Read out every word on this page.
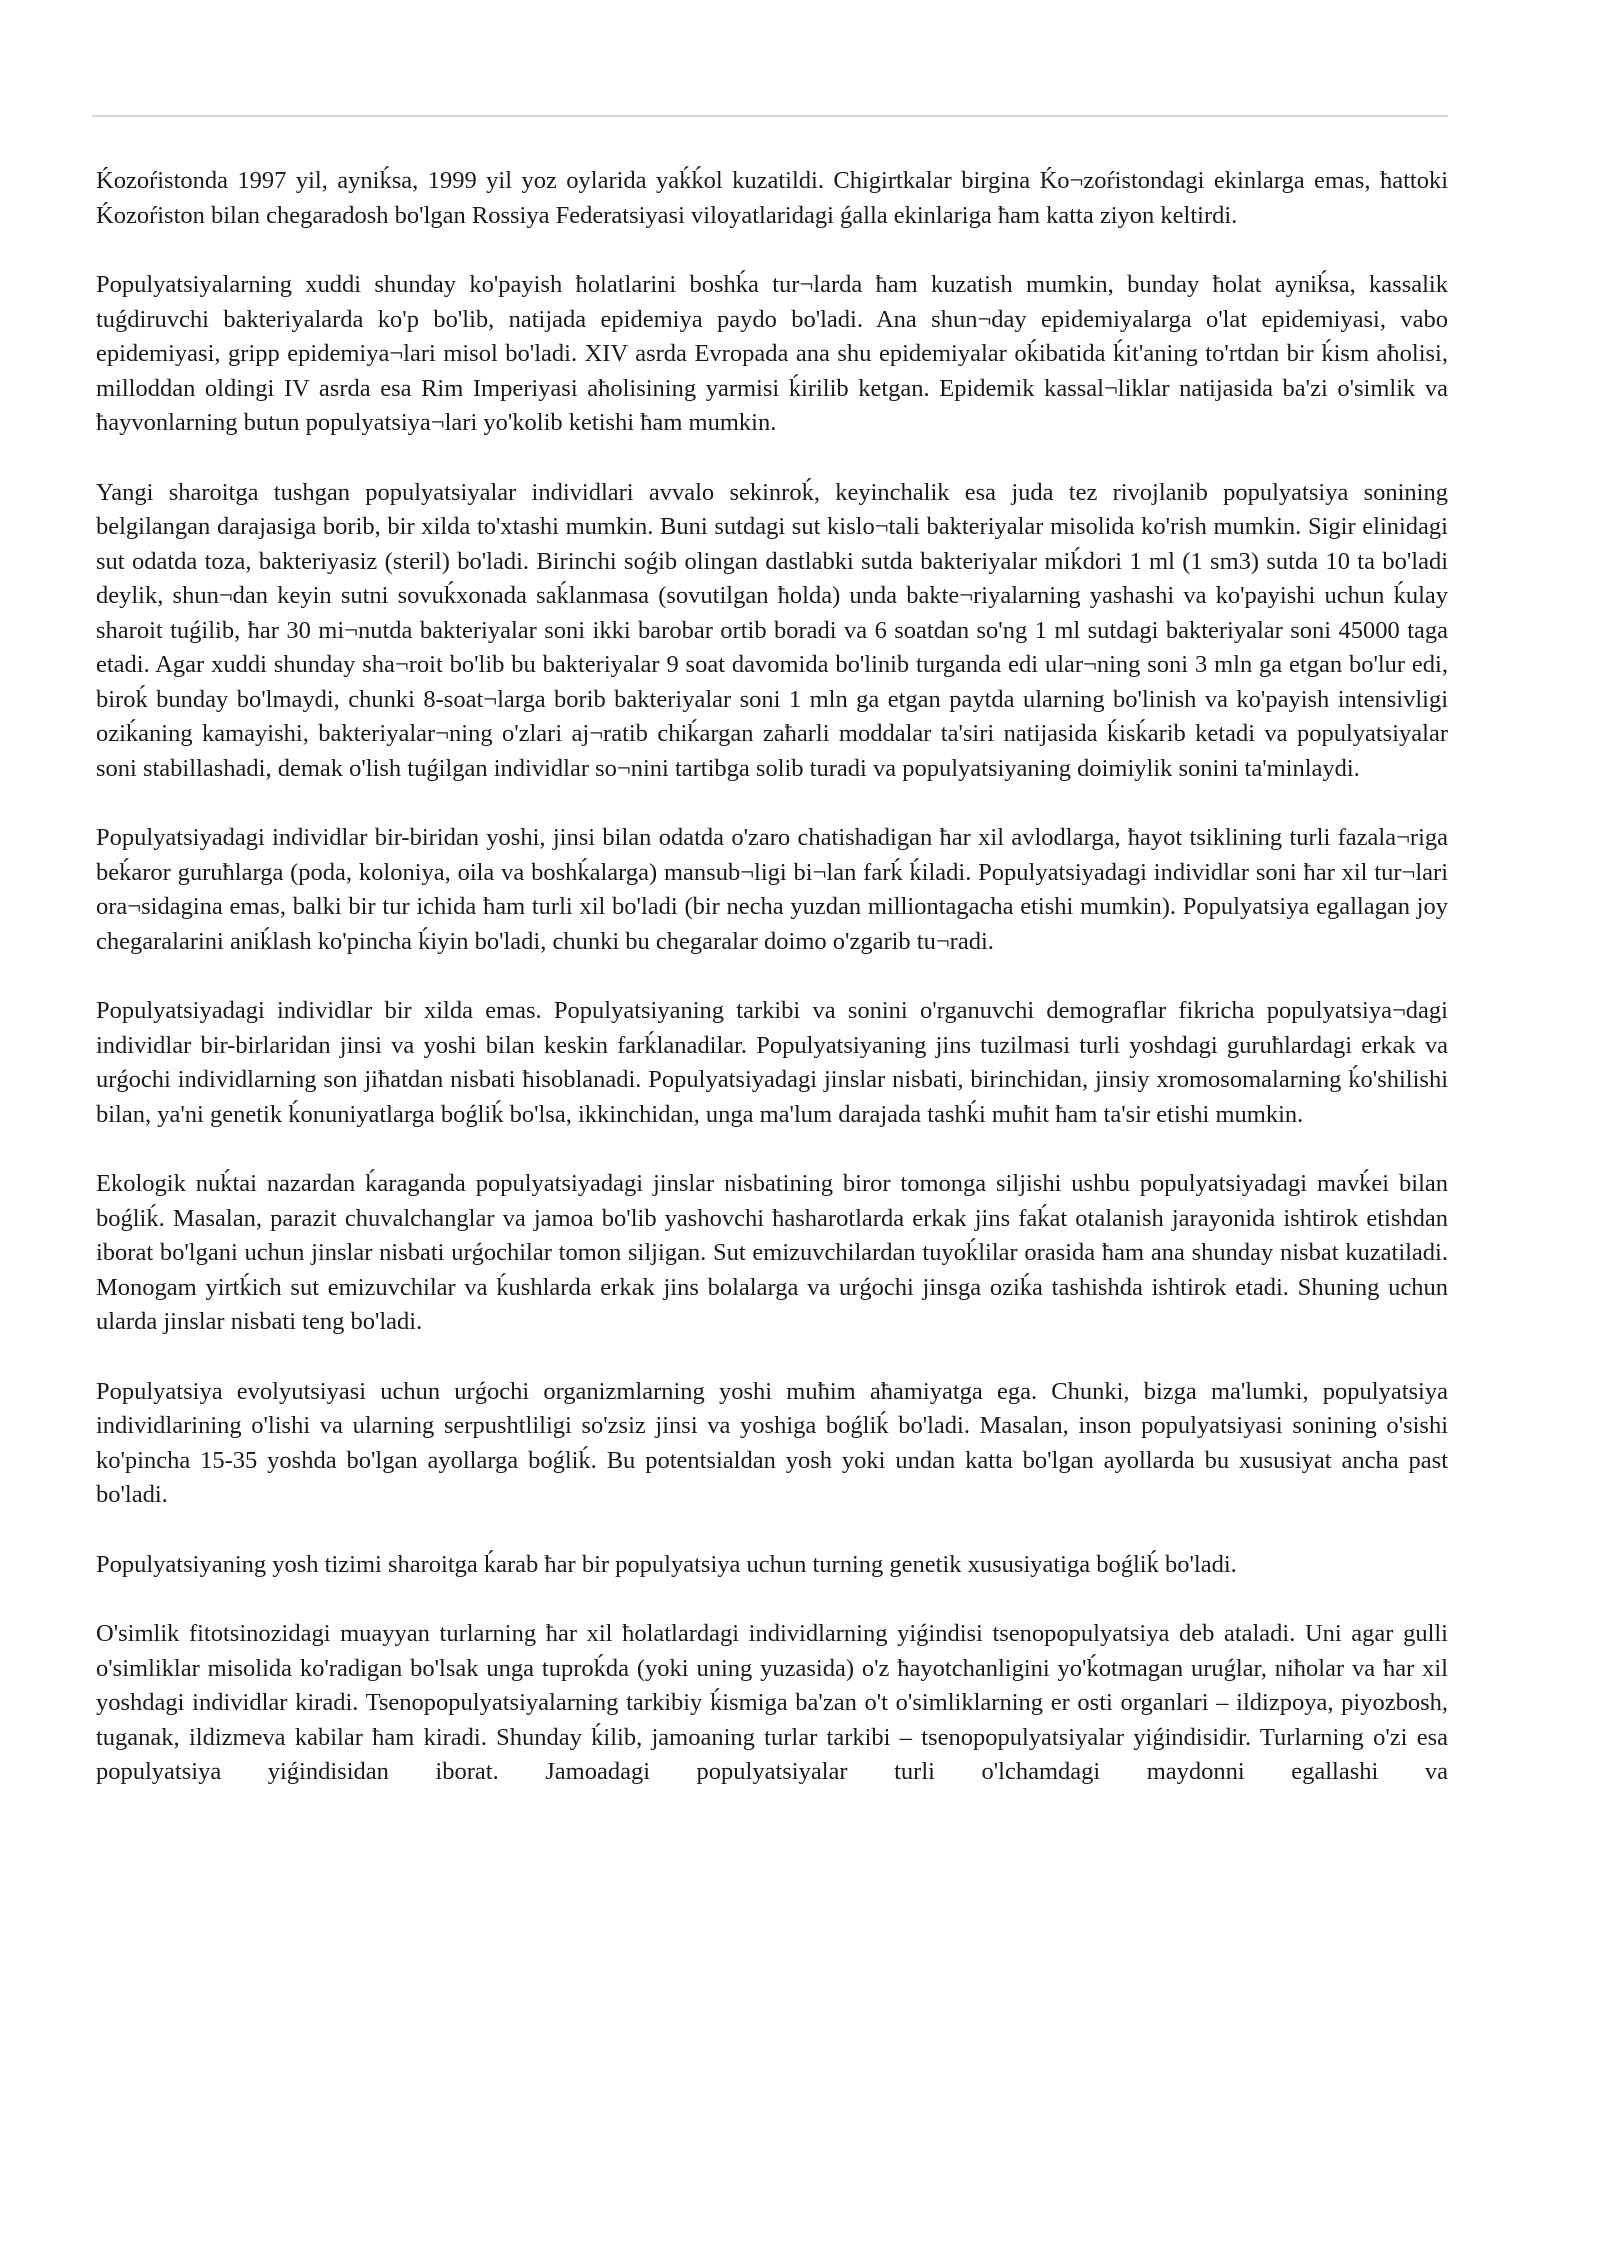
Ḱozoŕistonda 1997 yil, ayniḱsa, 1999 yil yoz oylarida yaḱḱol kuzatildi. Chigirtkalar birgina Ḱo¬zoŕistondagi ekinlarga emas, ħattoki Ḱozoŕiston bilan chegaradosh bo'lgan Rossiya Federatsiyasi viloyatlaridagi ǵalla ekinlariga ħam katta ziyon keltirdi.

Populyatsiyalarning xuddi shunday ko'payish ħolatlarini boshḱa tur¬larda ħam kuzatish mumkin, bunday ħolat ayniḱsa, kassalik tuǵdiruvchi bakteriyalarda ko'p bo'lib, natijada epidemiya paydo bo'ladi. Ana shun¬day epidemiyalarga o'lat epidemiyasi, vabo epidemiyasi, gripp epidemiya¬lari misol bo'ladi. XIV asrda Evropada ana shu epidemiyalar oḱibatida ḱit'aning to'rtdan bir ḱism aħolisi, milloddan oldingi IV asrda esa Rim Imperiyasi aħolisining yarmisi ḱirilib ketgan. Epidemik kassal¬liklar natijasida ba'zi o'simlik va ħayvonlarning butun populyatsiya¬lari yo'kolib ketishi ħam mumkin.

Yangi sharoitga tushgan populyatsiyalar individlari avvalo sekinroḱ, keyinchalik esa juda tez rivojlanib populyatsiya sonining belgilangan darajasiga borib, bir xilda to'xtashi mumkin. Buni sutdagi sut kislo¬tali bakteriyalar misolida ko'rish mumkin. Sigir elinidagi sut odatda toza, bakteriyasiz (steril) bo'ladi. Birinchi soǵib olingan dastlabki sutda bakteriyalar miḱdori 1 ml (1 sm3) sutda 10 ta bo'ladi deylik, shun¬dan keyin sutni sovuḱxonada saḱlanmasa (sovutilgan ħolda) unda bakte¬riyalarning yashashi va ko'payishi uchun ḱulay sharoit tuǵilib, ħar 30 mi¬nutda bakteriyalar soni ikki barobar ortib boradi va 6 soatdan so'ng 1 ml sutdagi bakteriyalar soni 45000 taga etadi. Agar xuddi shunday sha¬roit bo'lib bu bakteriyalar 9 soat davomida bo'linib turganda edi ular¬ning soni 3 mln ga etgan bo'lur edi, biroḱ bunday bo'lmaydi, chunki 8-soat¬larga borib bakteriyalar soni 1 mln ga etgan paytda ularning bo'linish va ko'payish intensivligi oziḱaning kamayishi, bakteriyalar¬ning o'zlari aj¬ratib chiḱargan zaħarli moddalar ta'siri natijasida ḱisḱarib ketadi va populyatsiyalar soni stabillashadi, demak o'lish tuǵilgan individlar so¬nini tartibga solib turadi va populyatsiyaning doimiylik sonini ta'minlaydi.

Populyatsiyadagi individlar bir-biridan yoshi, jinsi bilan odatda o'zaro chatishadigan ħar xil avlodlarga, ħayot tsiklining turli fazala¬riga beḱaror guruħlarga (poda, koloniya, oila va boshḱalarga) mansub¬ligi bi¬lan farḱ ḱiladi. Populyatsiyadagi individlar soni ħar xil tur¬lari ora¬sidagina emas, balki bir tur ichida ħam turli xil bo'ladi (bir necha yuzdan milliontagacha etishi mumkin). Populyatsiya egallagan joy chegaralarini aniḱlash ko'pincha ḱiyin bo'ladi, chunki bu chegaralar doimo o'zgarib tu¬radi.

Populyatsiyadagi individlar bir xilda emas. Populyatsiyaning tarkibi va sonini o'rganuvchi demograflar fikricha populyatsiya¬dagi individlar bir-birlaridan jinsi va yoshi bilan keskin farḱlanadilar. Populyatsiyaning jins tuzilmasi turli yoshdagi guruħlardagi erkak va urǵochi individlarning son jiħatdan nisbati ħisoblanadi. Populyatsiyadagi jinslar nisbati, birinchidan, jinsiy xromosomalarning ḱo'shilishi bilan, ya'ni genetik ḱonuniyatlarga boǵliḱ bo'lsa, ikkinchidan, unga ma'lum darajada tashḱi muħit ħam ta'sir etishi mumkin.

Ekologik nuḱtai nazardan ḱaraganda populyatsiyadagi jinslar nisbatining biror tomonga siljishi ushbu populyatsiyadagi mavḱei bilan boǵliḱ. Masalan, parazit chuvalchanglar va jamoa bo'lib yashovchi ħasharotlarda erkak jins faḱat otalanish jarayonida ishtirok etishdan iborat bo'lgani uchun jinslar nisbati urǵochilar tomon siljigan. Sut emizuvchilardan tuyoḱlilar orasida ħam ana shunday nisbat kuzatiladi. Monogam yirtḱich sut emizuvchilar va ḱushlarda erkak jins bolalarga va urǵochi jinsga oziḱa tashishda ishtirok etadi. Shuning uchun ularda jinslar nisbati teng bo'ladi.

Populyatsiya evolyutsiyasi uchun urǵochi organizmlarning yoshi muħim aħamiyatga ega. Chunki, bizga ma'lumki, populyatsiya individlarining o'lishi va ularning serpushtliligi so'zsiz jinsi va yoshiga boǵliḱ bo'ladi. Masalan, inson populyatsiyasi sonining o'sishi ko'pincha 15-35 yoshda bo'lgan ayollarga boǵliḱ. Bu potentsialdan yosh yoki undan katta bo'lgan ayollarda bu xususiyat ancha past bo'ladi.

Populyatsiyaning yosh tizimi sharoitga ḱarab ħar bir populyatsiya uchun turning genetik xususiyatiga boǵliḱ bo'ladi.

O'simlik fitotsinozidagi muayyan turlarning ħar xil ħolatlardagi individlarning yiǵindisi tsenopopulyatsiya deb ataladi. Uni agar gulli o'simliklar misolida ko'radigan bo'lsak unga tuproḱda (yoki uning yuzasida) o'z ħayotchanligini yo'ḱotmagan uruǵlar, niħolar va ħar xil yoshdagi individlar kiradi. Tsenopopulyatsiyalarning tarkibiy ḱismiga ba'zan o't o'simliklarning er osti organlari – ildizpoya, piyozbosh, tuganak, ildizmeva kabilar ħam kiradi. Shunday ḱilib, jamoaning turlar tarkibi – tsenopopulyatsiyalar yiǵindisidir. Turlarning o'zi esa populyatsiya yiǵindisidan iborat. Jamoadagi populyatsiyalar turli o'lchamdagi maydonni egallashi va
